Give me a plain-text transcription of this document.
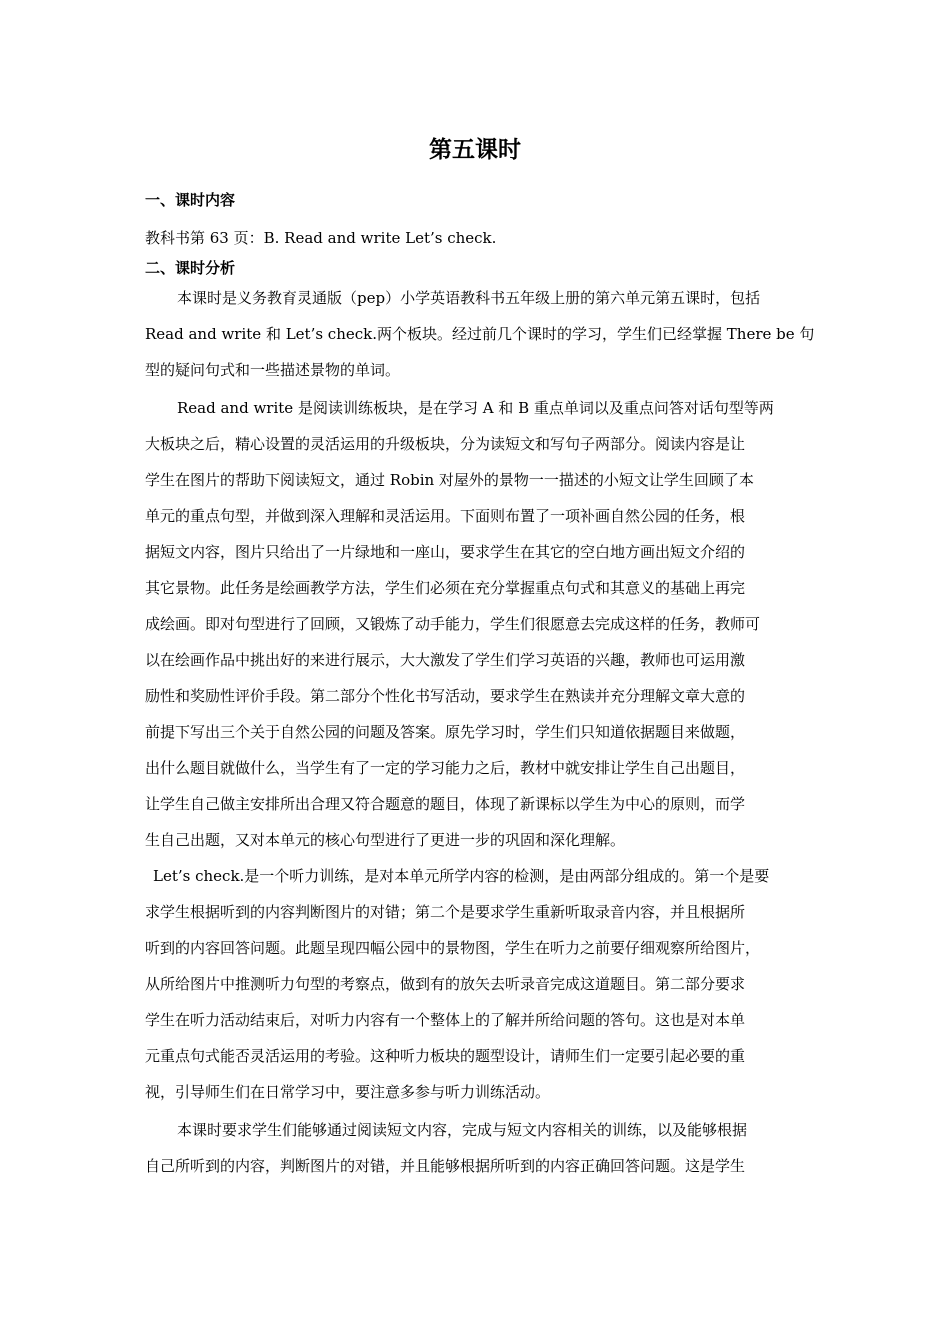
第五课时
一、课时内容
教科书第 63 页：B. Read and write Let’s check.
二、课时分析
本课时是义务教育灵通版（pep）小学英语教科书五年级上册的第六单元第五课时，包括
Read and write 和 Let’s check.两个板块。经过前几个课时的学习，学生们已经掌握 There be 句
型的疑问句式和一些描述景物的单词。
Read and write 是阅读训练板块，是在学习 A 和 B 重点单词以及重点问答对话句型等两
大板块之后，精心设置的灵活运用的升级板块，分为读短文和写句子两部分。阅读内容是让
学生在图片的帮助下阅读短文，通过 Robin 对屋外的景物一一描述的小短文让学生回顾了本
单元的重点句型，并做到深入理解和灵活运用。下面则布置了一项补画自然公园的任务，根
据短文内容，图片只给出了一片绿地和一座山，要求学生在其它的空白地方画出短文介绍的
其它景物。此任务是绘画教学方法，学生们必须在充分掌握重点句式和其意义的基础上再完
成绘画。即对句型进行了回顾，又锻炼了动手能力，学生们很愿意去完成这样的任务，教师可
以在绘画作品中挑出好的来进行展示，大大激发了学生们学习英语的兴趣，教师也可运用激
励性和奖励性评价手段。第二部分个性化书写活动，要求学生在熟读并充分理解文章大意的
前提下写出三个关于自然公园的问题及答案。原先学习时，学生们只知道依据题目来做题，
出什么题目就做什么，当学生有了一定的学习能力之后，教材中就安排让学生自己出题目，
让学生自己做主安排所出合理又符合题意的题目，体现了新课标以学生为中心的原则，而学
生自己出题，又对本单元的核心句型进行了更进一步的巩固和深化理解。
Let’s check.是一个听力训练，是对本单元所学内容的检测，是由两部分组成的。第一个是要
求学生根据听到的内容判断图片的对错；第二个是要求学生重新听取录音内容，并且根据所
听到的内容回答问题。此题呈现四幅公园中的景物图，学生在听力之前要仔细观察所给图片，
从所给图片中推测听力句型的考察点，做到有的放矢去听录音完成这道题目。第二部分要求
学生在听力活动结束后，对听力内容有一个整体上的了解并所给问题的答句。这也是对本单
元重点句式能否灵活运用的考验。这种听力板块的题型设计，请师生们一定要引起必要的重
视，引导师生们在日常学习中，要注意多参与听力训练活动。
本课时要求学生们能够通过阅读短文内容，完成与短文内容相关的训练，以及能够根据
自己所听到的内容，判断图片的对错，并且能够根据所听到的内容正确回答问题。这是学生
